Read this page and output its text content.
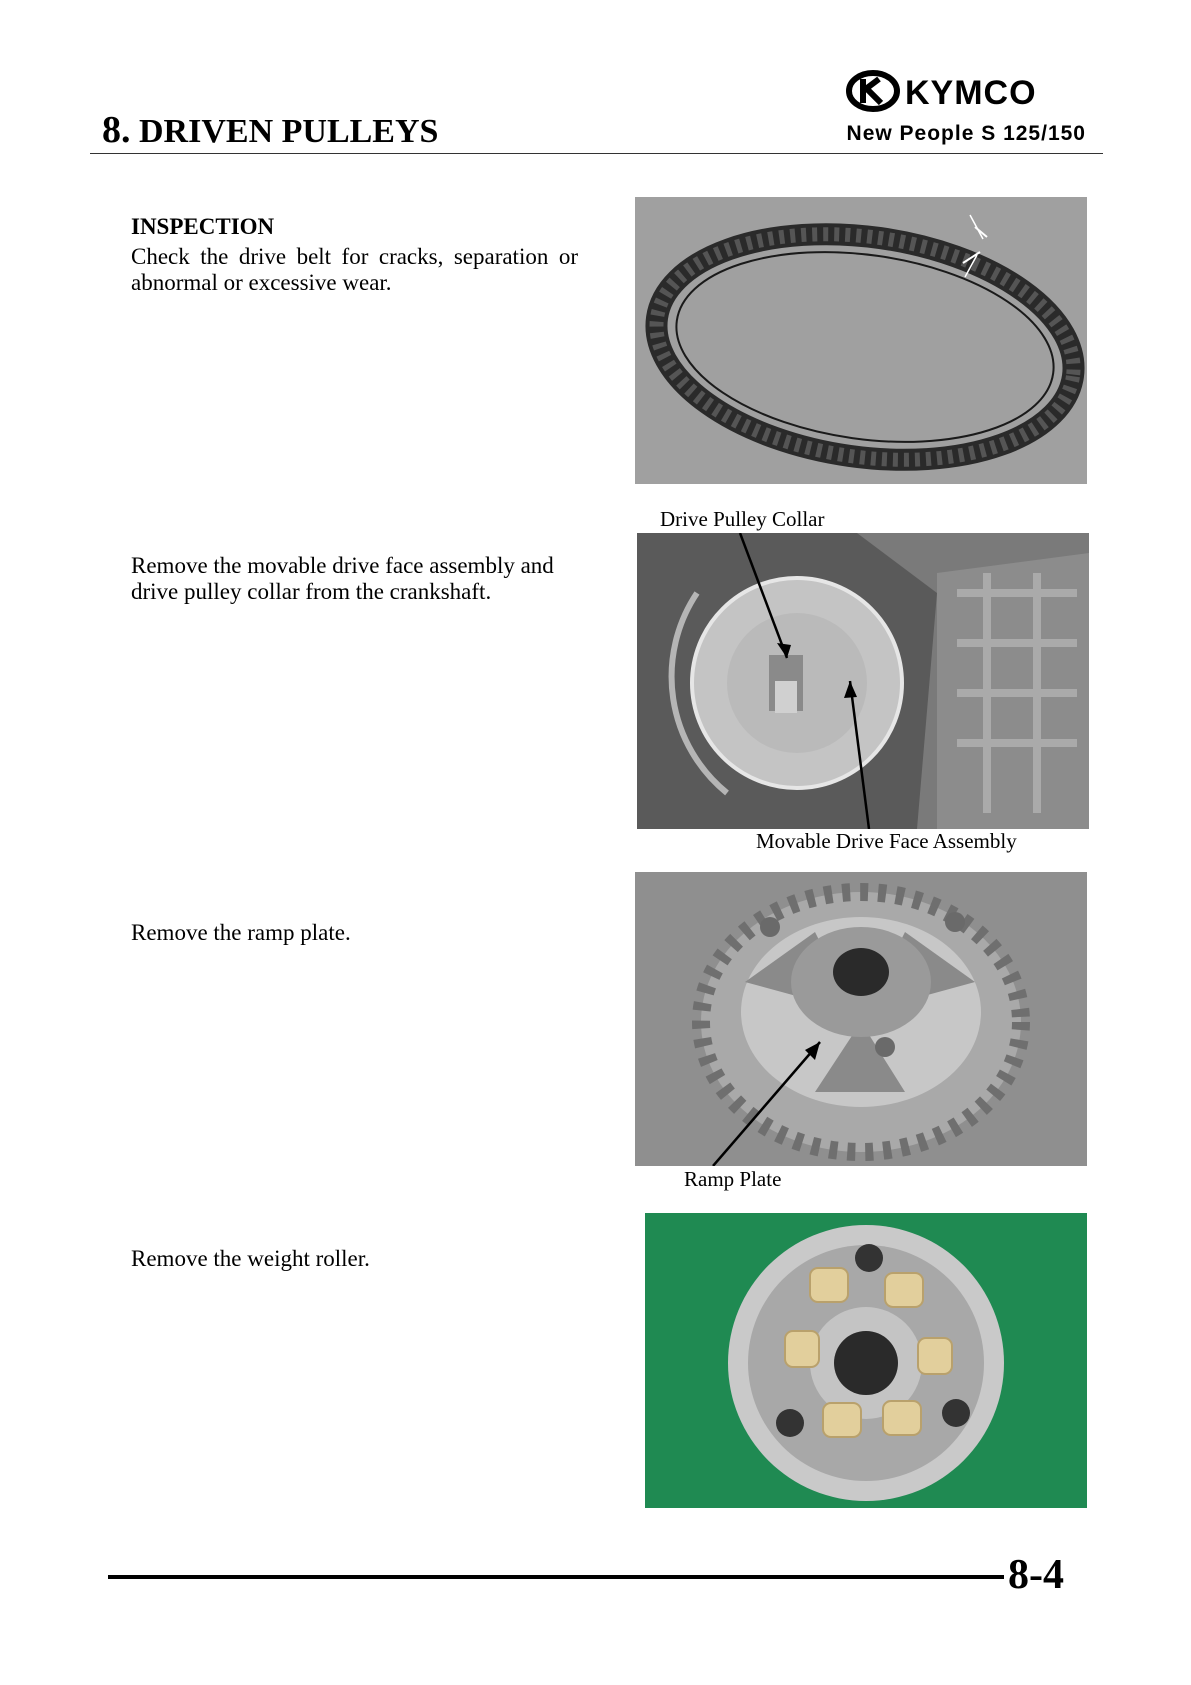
KYMCO
8. DRIVEN PULLEYS	New People S 125/150
INSPECTION
Check the drive belt for cracks, separation or abnormal or excessive wear.
Remove the movable drive face assembly and drive pulley collar from the crankshaft.
Remove the ramp plate.
Remove the weight roller.
Drive Pulley Collar
Movable Drive Face Assembly
Ramp Plate
8-4
